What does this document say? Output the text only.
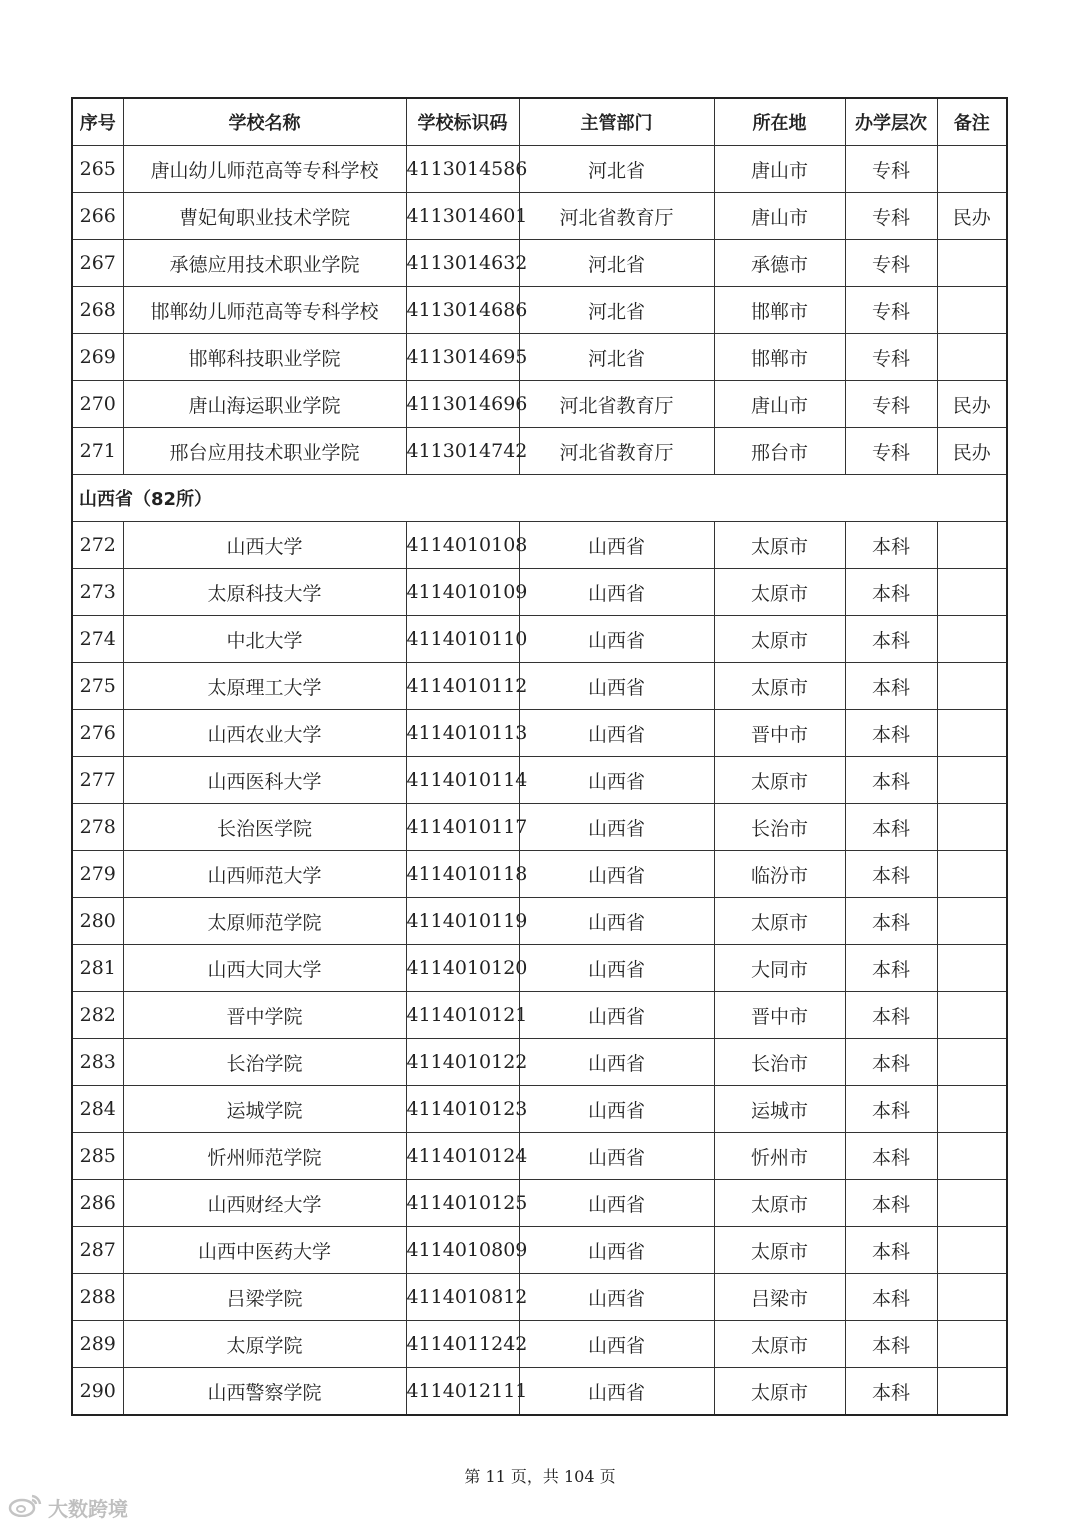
序号	学校名称	学校标识码	主管部门	所在地	办学层次	备注
265	唐山幼儿师范高等专科学校	4113014586	河北省	唐山市	专科	
266	曹妃甸职业技术学院	4113014601	河北省教育厅	唐山市	专科	民办
267	承德应用技术职业学院	4113014632	河北省	承德市	专科	
268	邯郸幼儿师范高等专科学校	4113014686	河北省	邯郸市	专科	
269	邯郸科技职业学院	4113014695	河北省	邯郸市	专科	
270	唐山海运职业学院	4113014696	河北省教育厅	唐山市	专科	民办
271	邢台应用技术职业学院	4113014742	河北省教育厅	邢台市	专科	民办
山西省（82所）						
272	山西大学	4114010108	山西省	太原市	本科	
273	太原科技大学	4114010109	山西省	太原市	本科	
274	中北大学	4114010110	山西省	太原市	本科	
275	太原理工大学	4114010112	山西省	太原市	本科	
276	山西农业大学	4114010113	山西省	晋中市	本科	
277	山西医科大学	4114010114	山西省	太原市	本科	
278	长治医学院	4114010117	山西省	长治市	本科	
279	山西师范大学	4114010118	山西省	临汾市	本科	
280	太原师范学院	4114010119	山西省	太原市	本科	
281	山西大同大学	4114010120	山西省	大同市	本科	
282	晋中学院	4114010121	山西省	晋中市	本科	
283	长治学院	4114010122	山西省	长治市	本科	
284	运城学院	4114010123	山西省	运城市	本科	
285	忻州师范学院	4114010124	山西省	忻州市	本科	
286	山西财经大学	4114010125	山西省	太原市	本科	
287	山西中医药大学	4114010809	山西省	太原市	本科	
288	吕梁学院	4114010812	山西省	吕梁市	本科	
289	太原学院	4114011242	山西省	太原市	本科	
290	山西警察学院	4114012111	山西省	太原市	本科	
第 11 页，共 104 页
大数跨境
